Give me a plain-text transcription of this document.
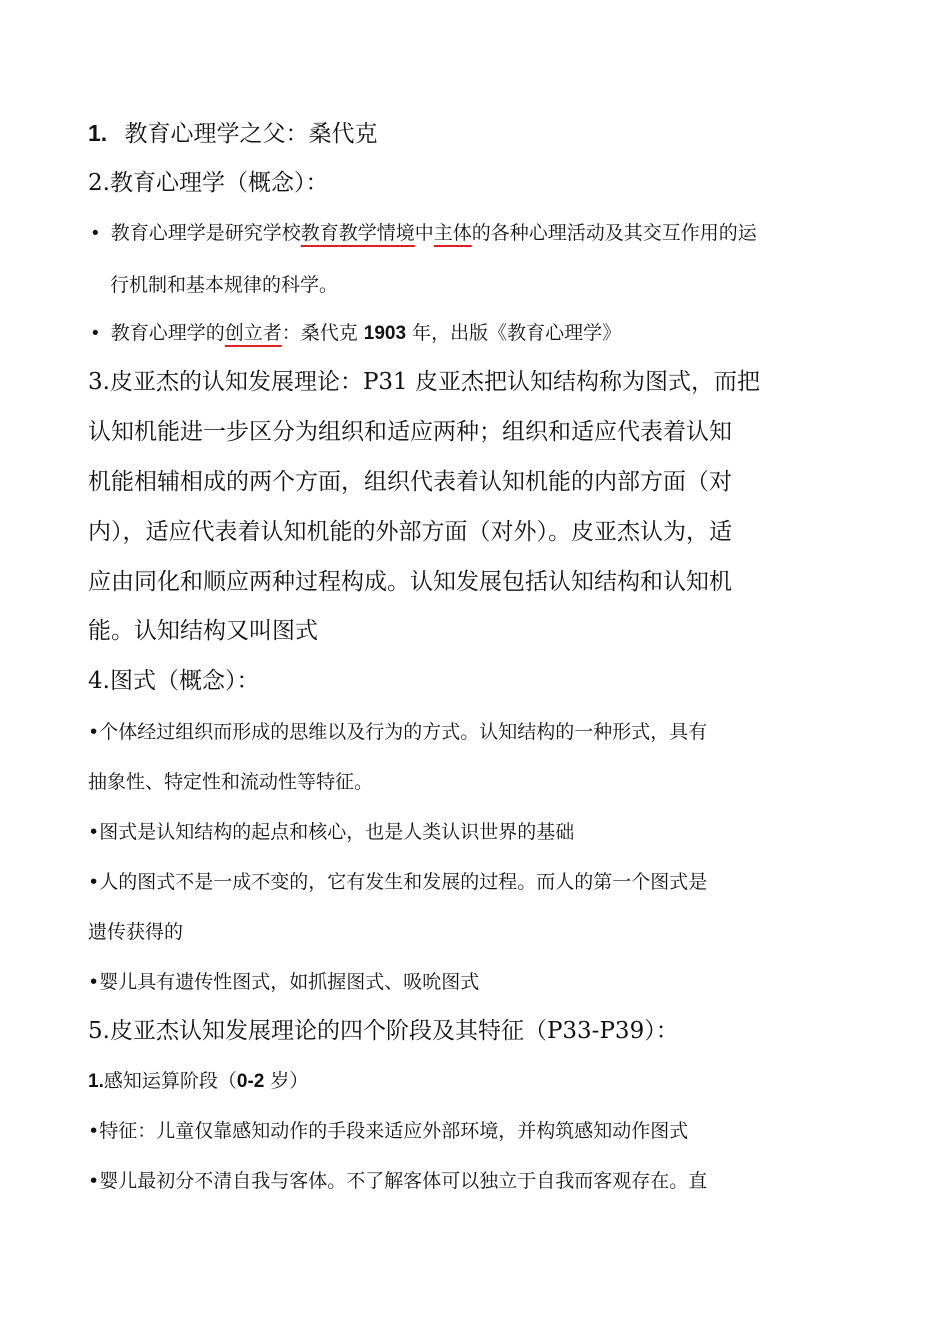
1. 教育心理学之父：桑代克
2.教育心理学（概念）：
• 教育心理学是研究学校教育教学情境中主体的各种心理活动及其交互作用的运
行机制和基本规律的科学。
• 教育心理学的创立者：桑代克 1903 年，出版《教育心理学》
3.皮亚杰的认知发展理论：P31 皮亚杰把认知结构称为图式，而把
认知机能进一步区分为组织和适应两种；组织和适应代表着认知
机能相辅相成的两个方面，组织代表着认知机能的内部方面（对
内），适应代表着认知机能的外部方面（对外）。皮亚杰认为，适
应由同化和顺应两种过程构成。认知发展包括认知结构和认知机
能。认知结构又叫图式
4.图式（概念）：
•个体经过组织而形成的思维以及行为的方式。认知结构的一种形式，具有
抽象性、特定性和流动性等特征。
•图式是认知结构的起点和核心，也是人类认识世界的基础
•人的图式不是一成不变的，它有发生和发展的过程。而人的第一个图式是
遗传获得的
•婴儿具有遗传性图式，如抓握图式、吸吮图式
5.皮亚杰认知发展理论的四个阶段及其特征（P33-P39）：
1.感知运算阶段（0-2 岁）
•特征：儿童仅靠感知动作的手段来适应外部环境，并构筑感知动作图式
•婴儿最初分不清自我与客体。不了解客体可以独立于自我而客观存在。直
